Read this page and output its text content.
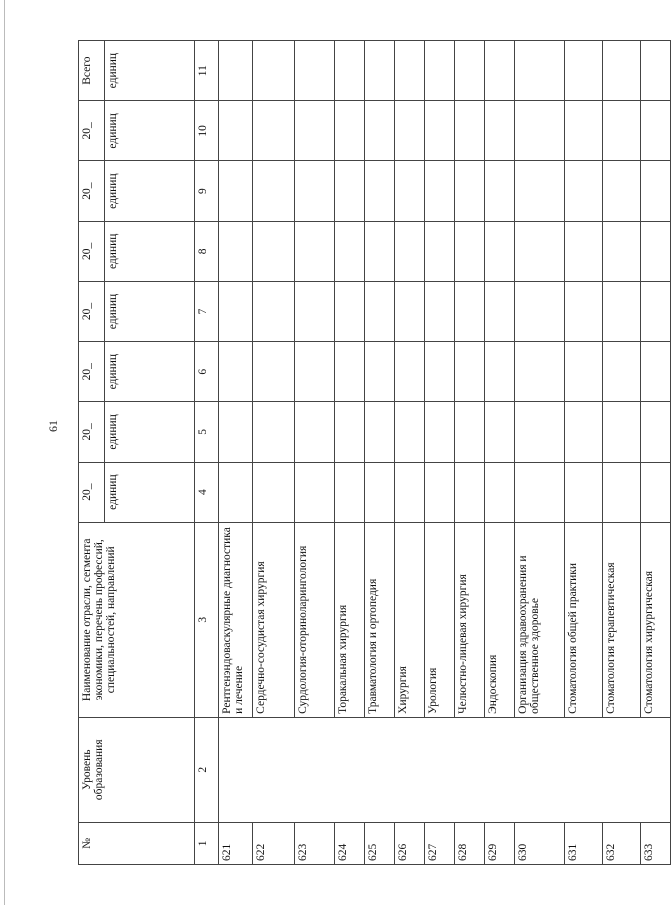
61
№	Уровень образования	Наименование отрасли, сегмента экономики, перечень профессий, специальностей, направлений	20_	20_	20_	20_	20_	20_	20_	Всего
			единиц	единиц	единиц	единиц	единиц	единиц	единиц	единиц
1	2	3	4	5	6	7	8	9	10	11
621		Рентгенэндоваскулярные диагностика и лечение								
622		Сердечно-сосудистая хирургия								
623		Сурдология-оториноларингология								
624		Торакальная хирургия								
625		Травматология и ортопедия								
626		Хирургия								
627		Урология								
628		Челюстно-лицевая хирургия								
629		Эндоскопия								
630		Организация здравоохранения и общественное здоровье								
631		Стоматология общей практики								
632		Стоматология терапевтическая								
633		Стоматология хирургическая								
